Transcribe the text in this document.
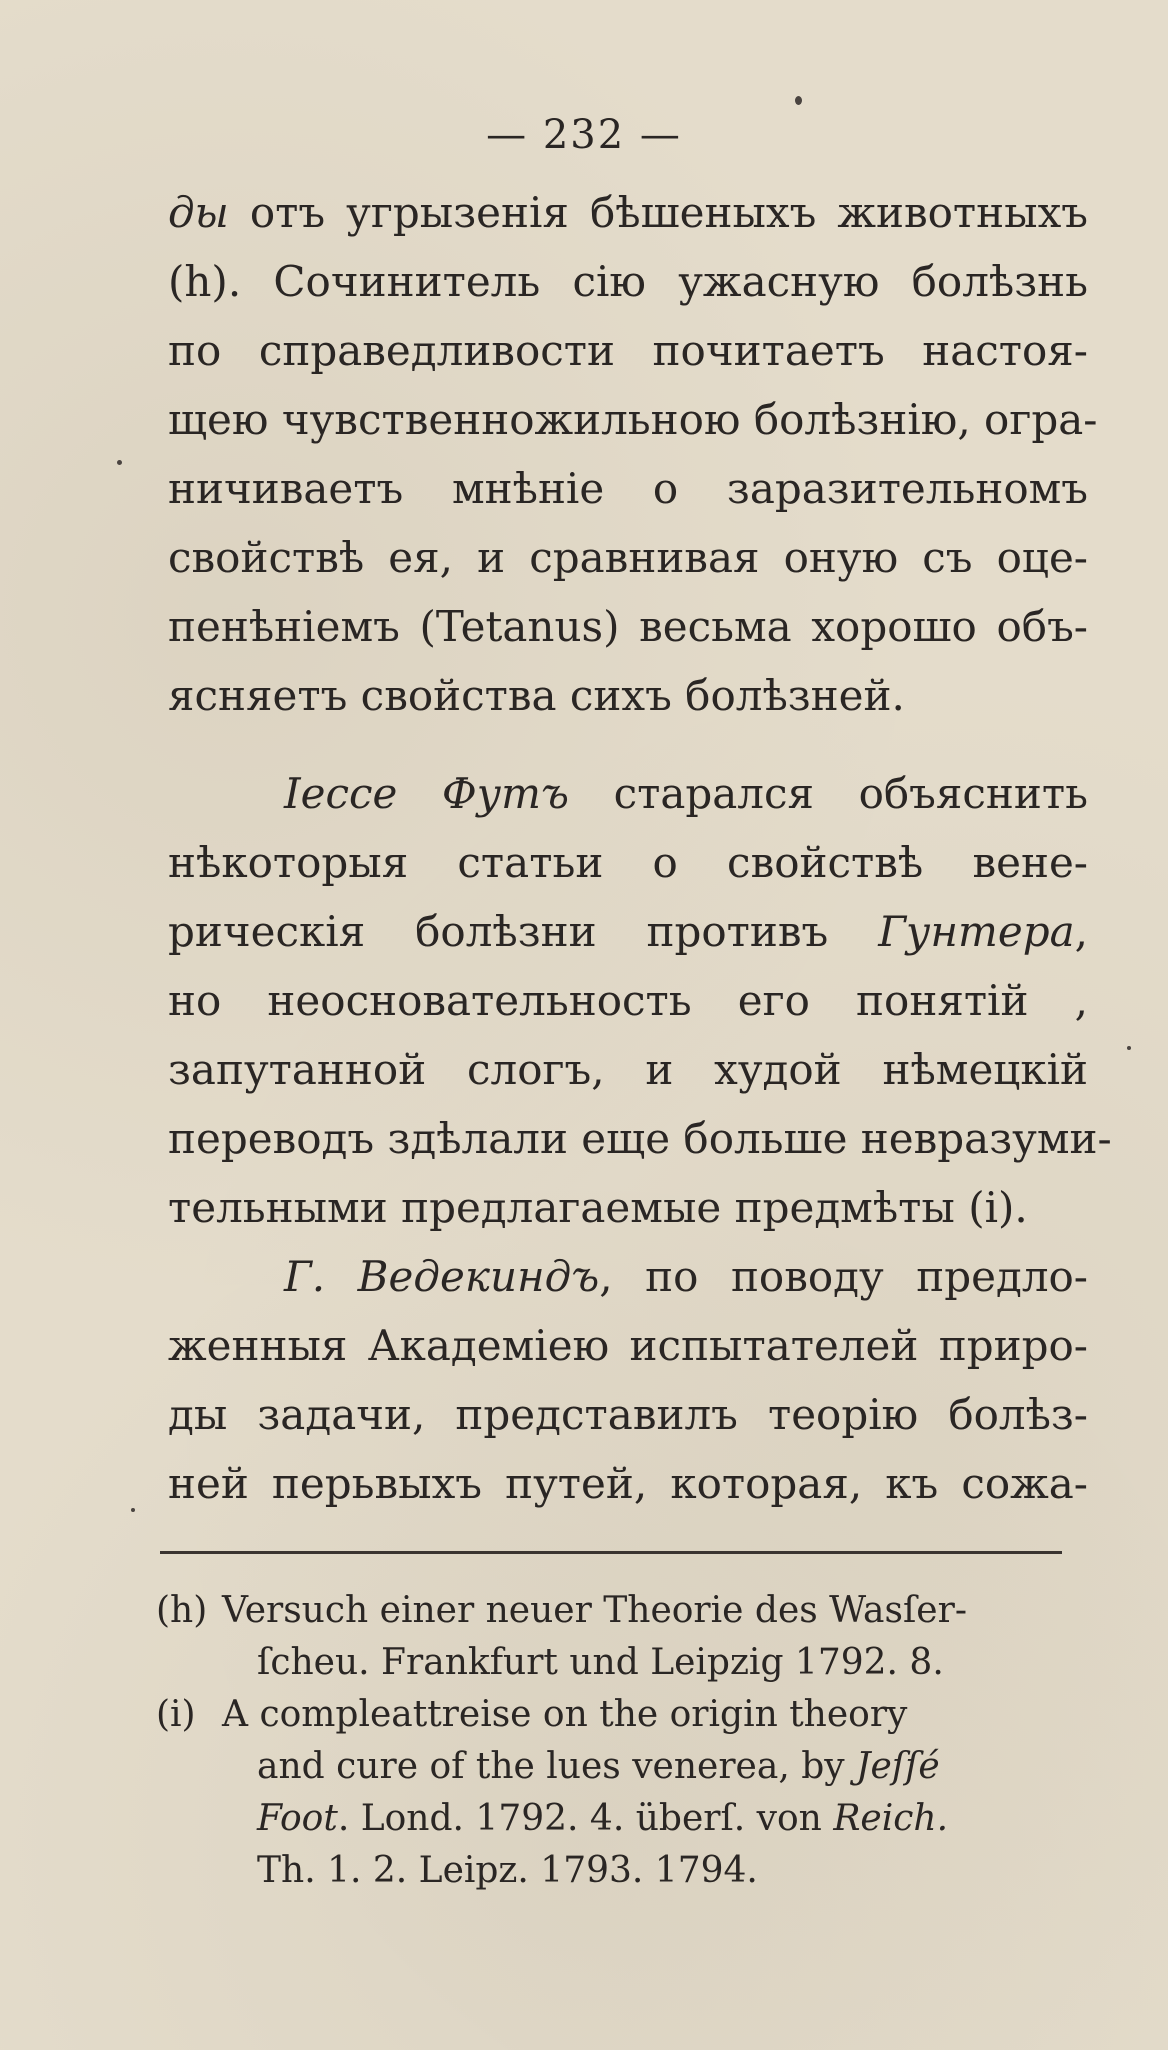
— 232 —
ды отъ угрызенія бѣшеныхъ животныхъ
(h). Сочинитель сію ужасную болѣзнь
по справедливости почитаетъ настоя-
щею чувственножильною болѣзнію, огра-
ничиваетъ мнѣніе о заразительномъ
свойствѣ ея, и сравнивая оную съ оце-
пенѣніемъ (Tetanus) весьма хорошо объ-
ясняетъ свойства сихъ болѣзней.
Іессе Футъ старался объяснить
нѣкоторыя статьи о свойствѣ вене-
рическія болѣзни противъ Гунтера,
но неосновательность его понятій ,
запутанной слогъ, и худой нѣмецкій
переводъ здѣлали еще больше невразуми-
тельными предлагаемые предмѣты (i).
Г. Ведекиндъ, по поводу предло-
женныя Академіею испытателей приро-
ды задачи, представилъ теорію болѣз-
ней перьвыхъ путей, которая, къ сожа-
(h) Versuch einer neuer Theorie des Wasſer-
ſcheu. Frankfurt und Leipzig 1792. 8.
(i) A compleattreise on the origin theory
and cure of the lues venerea, by Jeſſé
Foot. Lond. 1792. 4. überſ. von Reich.
Th. 1. 2. Leipz. 1793. 1794.
